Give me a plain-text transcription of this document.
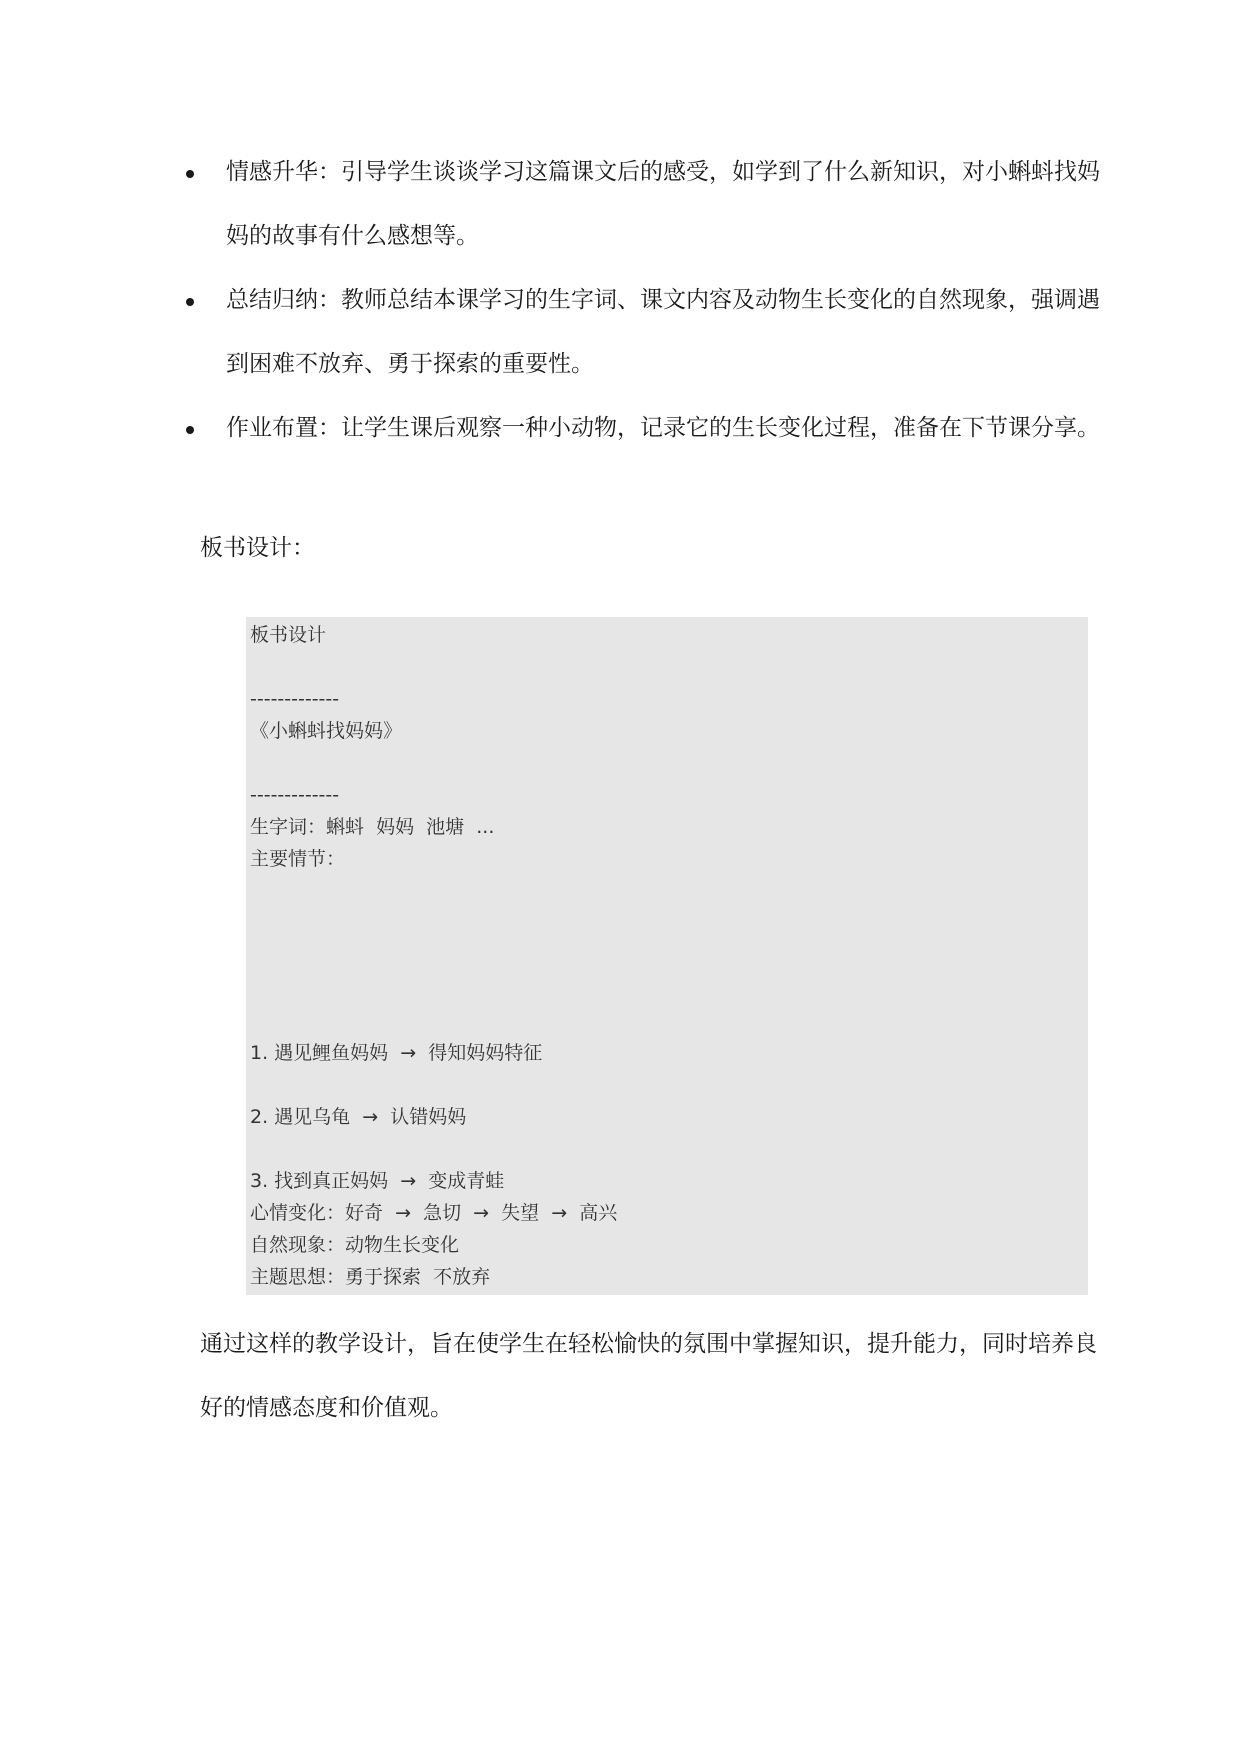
情感升华：引导学生谈谈学习这篇课文后的感受，如学到了什么新知识，对小蝌蚪找妈妈的故事有什么感想等。
总结归纳：教师总结本课学习的生字词、课文内容及动物生长变化的自然现象，强调遇到困难不放弃、勇于探索的重要性。
作业布置：让学生课后观察一种小动物，记录它的生长变化过程，准备在下节课分享。
板书设计：
板书设计
-------------
《小蝌蚪找妈妈》
-------------
生字词：蝌蚪  妈妈  池塘  ...
主要情节：
1. 遇见鲤鱼妈妈  →  得知妈妈特征
2. 遇见乌龟  →  认错妈妈
3. 找到真正妈妈  →  变成青蛙
心情变化：好奇  →  急切  →  失望  →  高兴
自然现象：动物生长变化
主题思想：勇于探索  不放弃

通过这样的教学设计，旨在使学生在轻松愉快的氛围中掌握知识，提升能力，同时培养良好的情感态度和价值观。
